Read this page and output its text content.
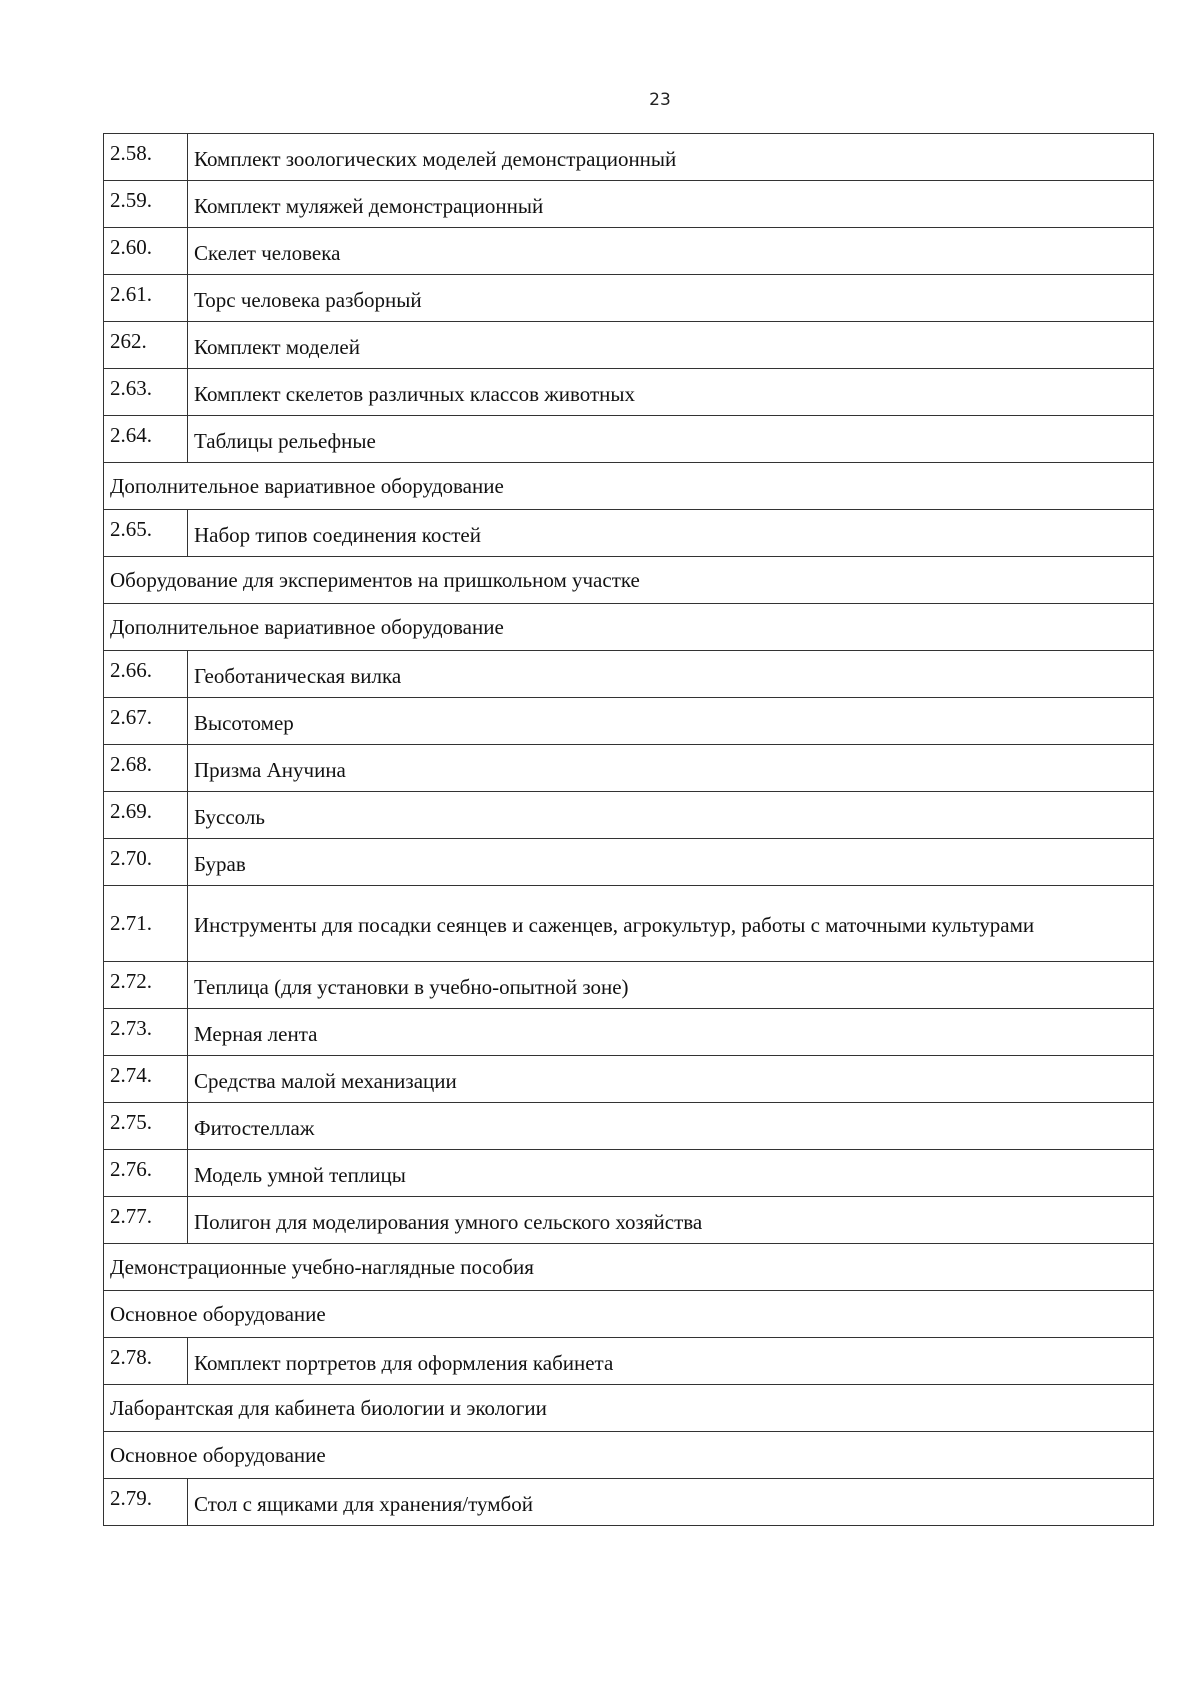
23
2.58.	Комплект зоологических моделей демонстрационный
2.59.	Комплект муляжей демонстрационный
2.60.	Скелет человека
2.61.	Торс человека разборный
262.	Комплект моделей
2.63.	Комплект скелетов различных классов животных
2.64.	Таблицы рельефные
Дополнительное вариативное оборудование	
2.65.	Набор типов соединения костей
Оборудование для экспериментов на пришкольном участке	
Дополнительное вариативное оборудование	
2.66.	Геоботаническая вилка
2.67.	Высотомер
2.68.	Призма Анучина
2.69.	Буссоль
2.70.	Бурав
2.71.	Инструменты для посадки сеянцев и саженцев, агрокультур, работы с маточными культурами
2.72.	Теплица (для установки в учебно-опытной зоне)
2.73.	Мерная лента
2.74.	Средства малой механизации
2.75.	Фитостеллаж
2.76.	Модель умной теплицы
2.77.	Полигон для моделирования умного сельского хозяйства
Демонстрационные учебно-наглядные пособия	
Основное оборудование	
2.78.	Комплект портретов для оформления кабинета
Лаборантская для кабинета биологии и экологии	
Основное оборудование	
2.79.	Стол с ящиками для хранения/тумбой
